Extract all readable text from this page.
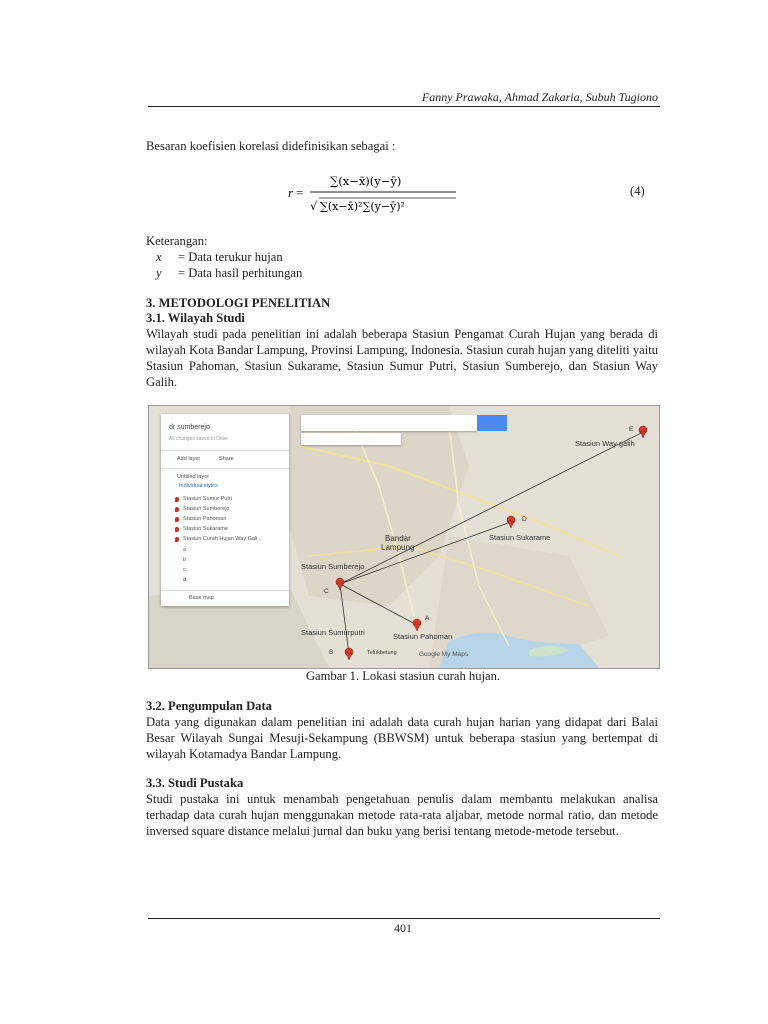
Fanny Prawaka, Ahmad Zakaria, Subuh Tugiono
Besaran koefisien korelasi didefinisikan sebagai :
r =
∑(x−x̄)(y−ȳ)
√ ∑(x−x̄)²∑(y−ȳ)²
(4)
Keterangan:
x = Data terukur hujan
y = Data hasil perhitungan
3. METODOLOGI PENELITIAN
3.1. Wilayah Studi
Wilayah studi pada penelitian ini adalah beberapa Stasiun Pengamat Curah Hujan yang berada di wilayah Kota Bandar Lampung, Provinsi Lampung, Indonesia. Stasiun curah hujan yang diteliti yaitu Stasiun Pahoman, Stasiun Sukarame, Stasiun Sumur Putri, Stasiun Sumberejo, dan Stasiun Way Galih.
dr sumberejo
All changes saved in Drive
Add layer	Share
Untitled layer
Individual styles
Stasiun Sumur Putri
Stasiun Sumberejo
Stasiun Pahoman
Stasiun Sukarame
Stasiun Curah Hujan Way Gali...
a
b
c
d
Base map
Stasiun Way galih
Stasiun Sukarame
Stasiun Sumberejo
Stasiun Sumurputri	Stasiun Pahoman
Bandar
Lampung
Telukbetung	Google My Maps
E
D
C
A
B
Gambar 1. Lokasi stasiun curah hujan.
3.2. Pengumpulan Data
Data yang digunakan dalam penelitian ini adalah data curah hujan harian yang didapat dari Balai Besar Wilayah Sungai Mesuji-Sekampung (BBWSM) untuk beberapa stasiun yang bertempat di wilayah Kotamadya Bandar Lampung.
3.3. Studi Pustaka
Studi pustaka ini untuk menambah pengetahuan penulis dalam membantu melakukan analisa terhadap data curah hujan menggunakan metode rata-rata aljabar, metode normal ratio, dan metode inversed square distance melalui jurnal dan buku yang berisi tentang metode-metode tersebut.
401
